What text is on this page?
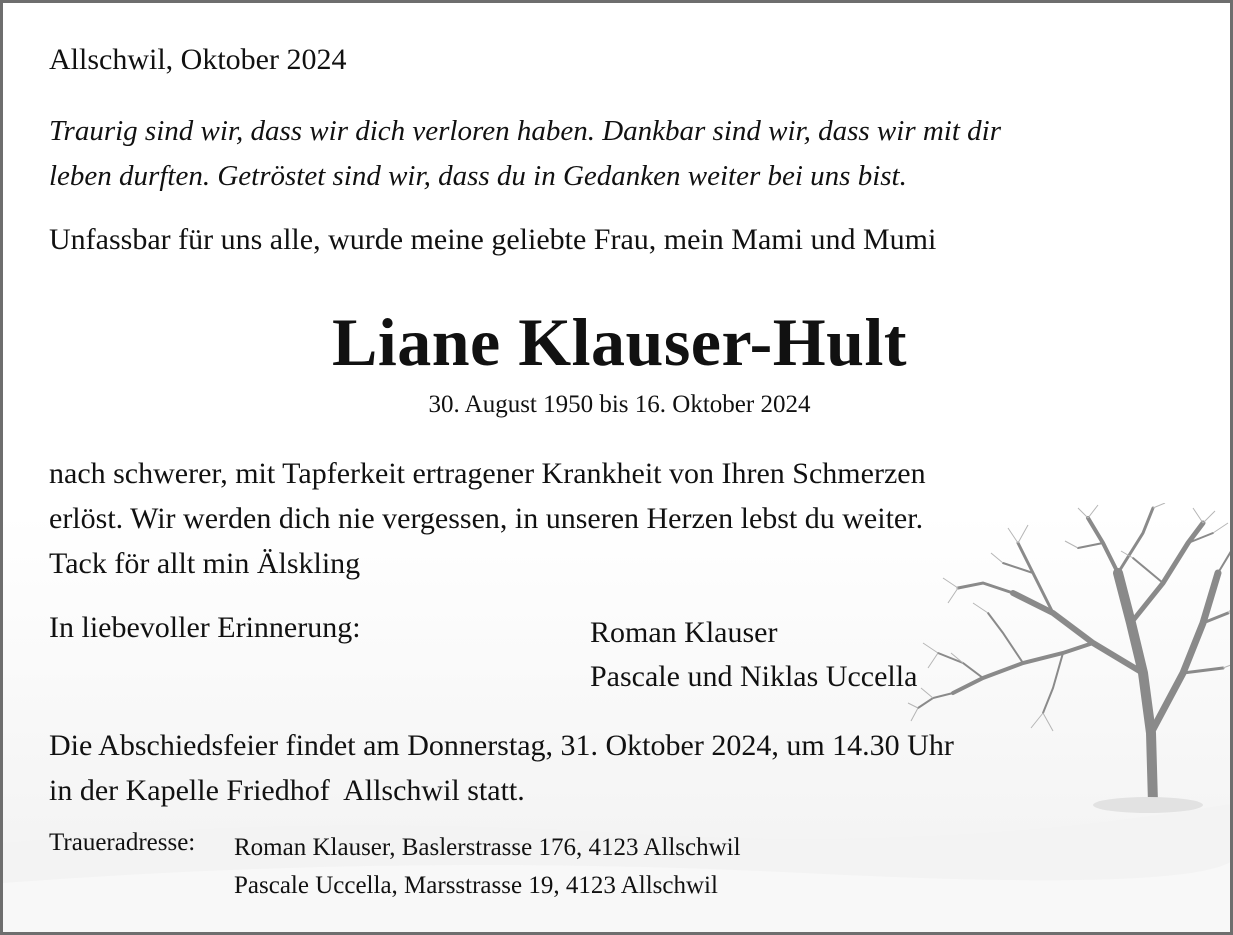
Allschwil, Oktober 2024

Traurig sind wir, dass wir dich verloren haben. Dankbar sind wir, dass wir mit dir
leben durften. Getröstet sind wir, dass du in Gedanken weiter bei uns bist.

Unfassbar für uns alle, wurde meine geliebte Frau, mein Mami und Mumi

Liane Klauser-Hult

30. August 1950 bis 16. Oktober 2024

nach schwerer, mit Tapferkeit ertragener Krankheit von Ihren Schmerzen
erlöst. Wir werden dich nie vergessen, in unseren Herzen lebst du weiter.
Tack för allt min Älskling

In liebevoller Erinnerung:	Roman Klauser
Pascale und Niklas Uccella

Die Abschiedsfeier findet am Donnerstag, 31. Oktober 2024, um 14.30 Uhr
in der Kapelle Friedhof  Allschwil statt.

Traueradresse: Roman Klauser, Baslerstrasse 176, 4123 Allschwil
Pascale Uccella, Marsstrasse 19, 4123 Allschwil
